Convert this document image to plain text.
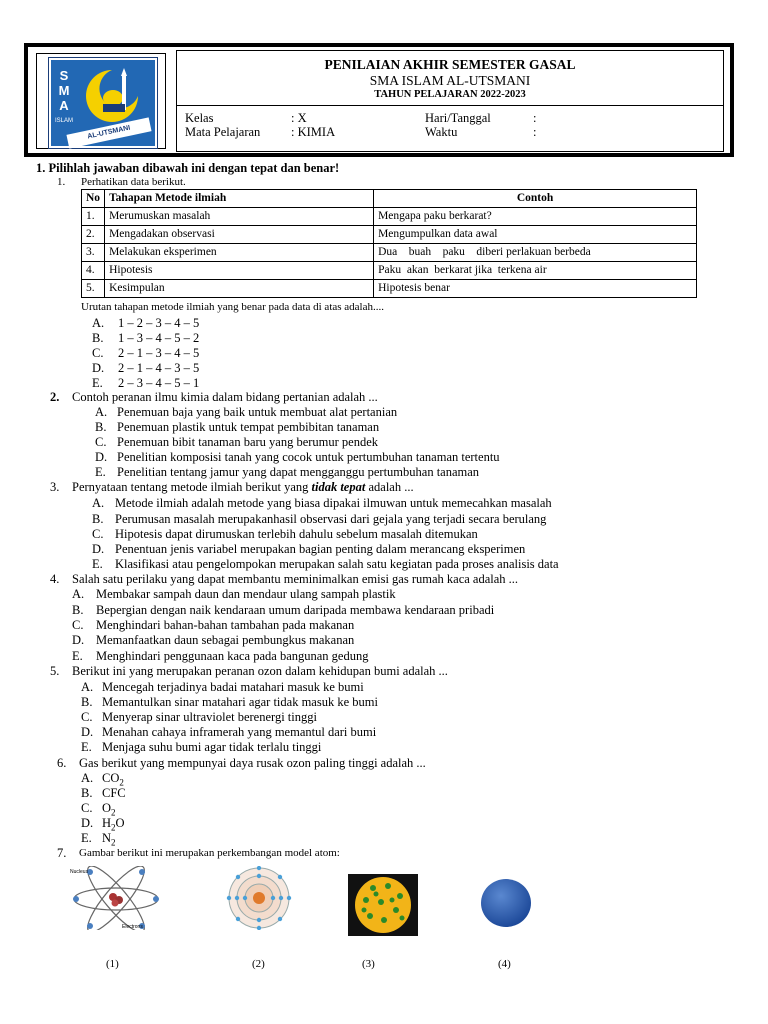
S
M
A
ISLAM
AL-UTSMANI
PENILAIAN AKHIR SEMESTER GASAL
SMA ISLAM AL-UTSMANI
TAHUN PELAJARAN 2022-2023
Kelas	: X
Mata Pelajaran : KIMIA
Hari/Tanggal	:
Waktu	:
1. Pilihlah jawaban dibawah ini dengan tepat dan benar!
1. Perhatikan data berikut.
No	Tahapan Metode ilmiah	Contoh
1.	Merumuskan masalah	Mengapa paku berkarat?
2.	Mengadakan observasi	Mengumpulkan data awal
3.	Melakukan eksperimen	Dua    buah    paku    diberi perlakuan berbeda
4.	Hipotesis	Paku  akan  berkarat jika  terkena air
5.	Kesimpulan	Hipotesis benar
Urutan tahapan metode ilmiah yang benar pada data di atas adalah....
A. 1 – 2 – 3 – 4 – 5
B. 1 – 3 – 4 – 5 – 2
C. 2 – 1 – 3 – 4 – 5
D. 2 – 1 – 4 – 3 – 5
E. 2 – 3 – 4 – 5 – 1
2. Contoh peranan ilmu kimia dalam bidang pertanian adalah ...
A. Penemuan baja yang baik untuk membuat alat pertanian
B. Penemuan plastik untuk tempat pembibitan tanaman
C. Penemuan bibit tanaman baru yang berumur pendek
D. Penelitian komposisi tanah yang cocok untuk pertumbuhan tanaman tertentu
E. Penelitian tentang jamur yang dapat mengganggu pertumbuhan tanaman
3. Pernyataan tentang metode ilmiah berikut yang tidak tepat adalah ...
A. Metode ilmiah adalah metode yang biasa dipakai ilmuwan untuk memecahkan masalah
B. Perumusan masalah merupakanhasil observasi dari gejala yang terjadi secara berulang
C. Hipotesis dapat dirumuskan terlebih dahulu sebelum masalah ditemukan
D. Penentuan jenis variabel merupakan bagian penting dalam merancang eksperimen
E. Klasifikasi atau pengelompokan merupakan salah satu kegiatan pada proses analisis data
4. Salah satu perilaku yang dapat membantu meminimalkan emisi gas rumah kaca adalah ...
A. Membakar sampah daun dan mendaur ulang sampah plastik
B. Bepergian dengan naik kendaraan umum daripada membawa kendaraan pribadi
C. Menghindari bahan-bahan tambahan pada makanan
D. Memanfaatkan daun sebagai pembungkus makanan
E. Menghindari penggunaan kaca pada bangunan gedung
5. Berikut ini yang merupakan peranan ozon dalam kehidupan bumi adalah ...
A. Mencegah terjadinya badai matahari masuk ke bumi
B. Memantulkan sinar matahari agar tidak masuk ke bumi
C. Menyerap sinar ultraviolet berenergi tinggi
D. Menahan cahaya inframerah yang memantul dari bumi
E. Menjaga suhu bumi agar tidak terlalu tinggi
6. Gas berikut yang mempunyai daya rusak ozon paling tinggi adalah ...
A. $CO_2$
B. CFC
C. $O_2$
D. $H_2O$
E. $N_2$
7. Gambar berikut ini merupakan perkembangan model atom:
Nucleus
Electrons
(1)	(2)	(3)	(4)
